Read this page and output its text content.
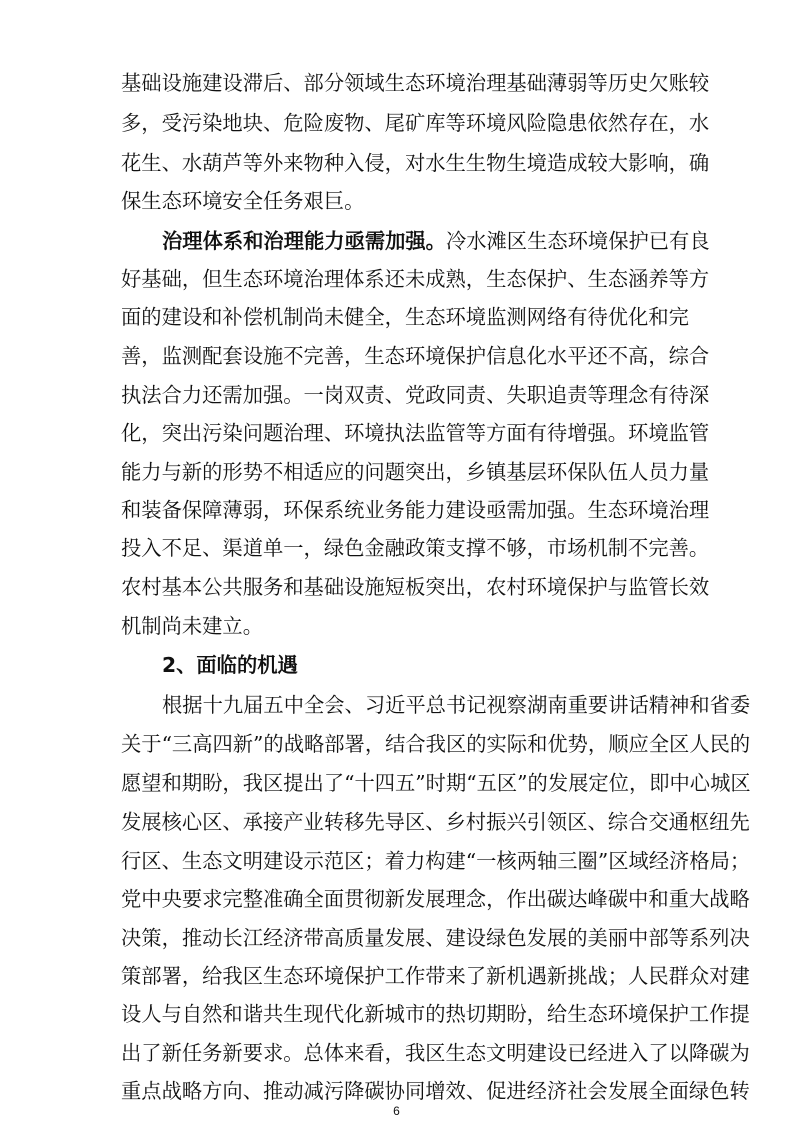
基础设施建设滞后、部分领域生态环境治理基础薄弱等历史欠账较
多，受污染地块、危险废物、尾矿库等环境风险隐患依然存在，水
花生、水葫芦等外来物种入侵，对水生生物生境造成较大影响，确
保生态环境安全任务艰巨。
治理体系和治理能力亟需加强。冷水滩区生态环境保护已有良
好基础，但生态环境治理体系还未成熟，生态保护、生态涵养等方
面的建设和补偿机制尚未健全，生态环境监测网络有待优化和完
善，监测配套设施不完善，生态环境保护信息化水平还不高，综合
执法合力还需加强。一岗双责、党政同责、失职追责等理念有待深
化，突出污染问题治理、环境执法监管等方面有待增强。环境监管
能力与新的形势不相适应的问题突出，乡镇基层环保队伍人员力量
和装备保障薄弱，环保系统业务能力建设亟需加强。生态环境治理
投入不足、渠道单一，绿色金融政策支撑不够，市场机制不完善。
农村基本公共服务和基础设施短板突出，农村环境保护与监管长效
机制尚未建立。
2、面临的机遇
根据十九届五中全会、习近平总书记视察湖南重要讲话精神和省委
关于“三高四新”的战略部署，结合我区的实际和优势，顺应全区人民的
愿望和期盼，我区提出了“十四五”时期“五区”的发展定位，即中心城区
发展核心区、承接产业转移先导区、乡村振兴引领区、综合交通枢纽先
行区、生态文明建设示范区；着力构建“一核两轴三圈”区域经济格局；
党中央要求完整准确全面贯彻新发展理念，作出碳达峰碳中和重大战略
决策，推动长江经济带高质量发展、建设绿色发展的美丽中部等系列决
策部署，给我区生态环境保护工作带来了新机遇新挑战；人民群众对建
设人与自然和谐共生现代化新城市的热切期盼，给生态环境保护工作提
出了新任务新要求。总体来看，我区生态文明建设已经进入了以降碳为
重点战略方向、推动减污降碳协同增效、促进经济社会发展全面绿色转
6
